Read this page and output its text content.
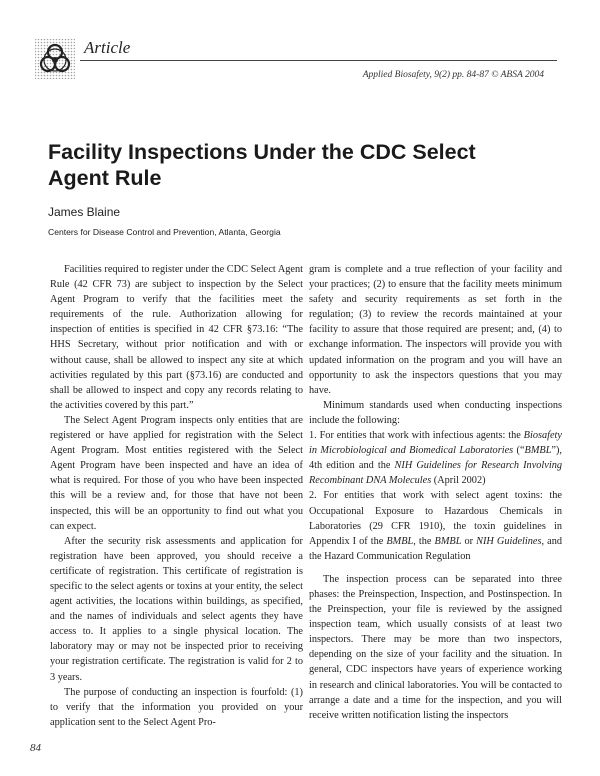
Article
Applied Biosafety, 9(2) pp. 84-87 © ABSA 2004
Facility Inspections Under the CDC Select Agent Rule
James Blaine
Centers for Disease Control and Prevention, Atlanta, Georgia

Facilities required to register under the CDC Select Agent Rule (42 CFR 73) are subject to inspection by the Select Agent Program to verify that the facilities meet the requirements of the rule. Authorization allowing for inspection of entities is specified in 42 CFR §73.16: “The HHS Secretary, without prior notification and with or without cause, shall be allowed to inspect any site at which activities regulated by this part (§73.16) are conducted and shall be allowed to inspect and copy any records relating to the activities covered by this part.”

The Select Agent Program inspects only entities that are registered or have applied for registration with the Select Agent Program. Most entities registered with the Select Agent Program have been inspected and have an idea of what is required. For those of you who have been inspected this will be a review and, for those that have not been inspected, this will be an opportunity to find out what you can expect.

After the security risk assessments and application for registration have been approved, you should receive a certificate of registration. This certificate of registration is specific to the select agents or toxins at your entity, the select agent activities, the locations within buildings, as specified, and the names of individuals and select agents they have access to. It applies to a single physical location. The laboratory may or may not be inspected prior to receiving your registration certificate. The registration is valid for 2 to 3 years.

The purpose of conducting an inspection is fourfold: (1) to verify that the information you provided on your application sent to the Select Agent Pro-

gram is complete and a true reflection of your facility and your practices; (2) to ensure that the facility meets minimum safety and security requirements as set forth in the regulation; (3) to review the records maintained at your facility to assure that those required are present; and, (4) to exchange information. The inspectors will provide you with updated information on the program and you will have an opportunity to ask the inspectors questions that you may have.

Minimum standards used when conducting inspections include the following:

1. For entities that work with infectious agents: the Biosafety in Microbiological and Biomedical Laboratories (“BMBL”), 4th edition and the NIH Guidelines for Research Involving Recombinant DNA Molecules (April 2002)

2. For entities that work with select agent toxins: the Occupational Exposure to Hazardous Chemicals in Laboratories (29 CFR 1910), the toxin guidelines in Appendix I of the BMBL, the BMBL or NIH Guidelines, and the Hazard Communication Regulation

The inspection process can be separated into three phases: the Preinspection, Inspection, and Postinspection. In the Preinspection, your file is reviewed by the assigned inspection team, which usually consists of at least two inspectors. There may be more than two inspectors, depending on the size of your facility and the situation. In general, CDC inspectors have years of experience working in research and clinical laboratories. You will be contacted to arrange a date and a time for the inspection, and you will receive written notification listing the inspectors

84
